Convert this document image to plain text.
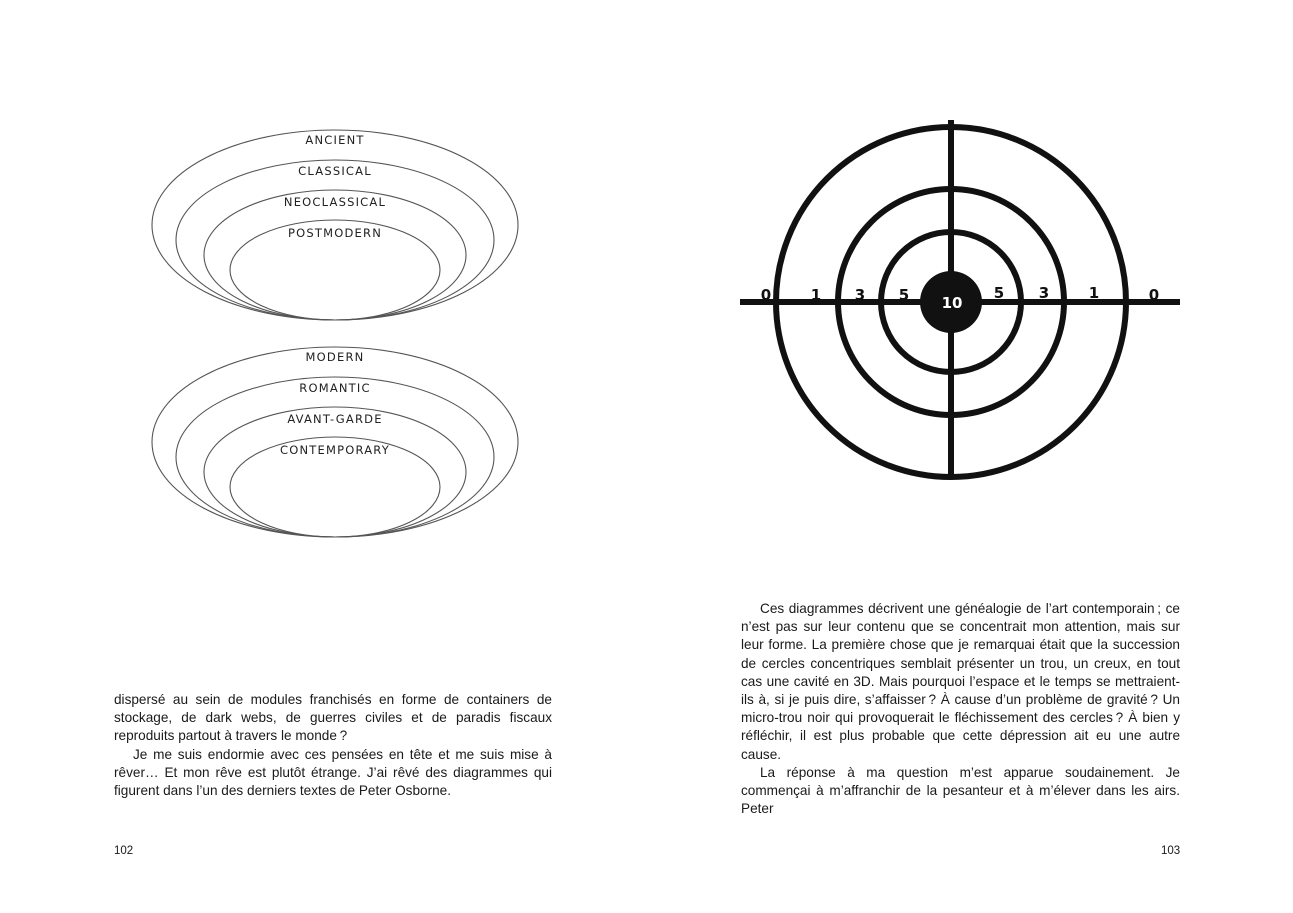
ANCIENT
CLASSICAL
NEOCLASSICAL
POSTMODERN
MODERN
ROMANTIC
AVANT-GARDE
CONTEMPORARY
10
0	1 3 5	5 3	1	0

dispersé au sein de modules franchisés en forme de containers de stockage, de dark webs, de guerres civiles et de paradis fiscaux reproduits partout à travers le monde ?

Je me suis endormie avec ces pensées en tête et me suis mise à rêver… Et mon rêve est plutôt étrange. J’ai rêvé des diagrammes qui figurent dans l’un des derniers textes de Peter Osborne.

Ces diagrammes décrivent une généalogie de l’art contemporain ; ce n’est pas sur leur contenu que se concentrait mon attention, mais sur leur forme. La première chose que je remarquai était que la succession de cercles concentriques semblait présenter un trou, un creux, en tout cas une cavité en 3D. Mais pourquoi l’espace et le temps se mettraient-ils à, si je puis dire, s’affaisser ? À cause d’un problème de gravité ? Un micro-trou noir qui provoquerait le fléchissement des cercles ? À bien y réfléchir, il est plus probable que cette dépression ait eu une autre cause.

La réponse à ma question m’est apparue soudainement. Je commençai à m’affranchir de la pesanteur et à m’élever dans les airs. Peter

102	103
